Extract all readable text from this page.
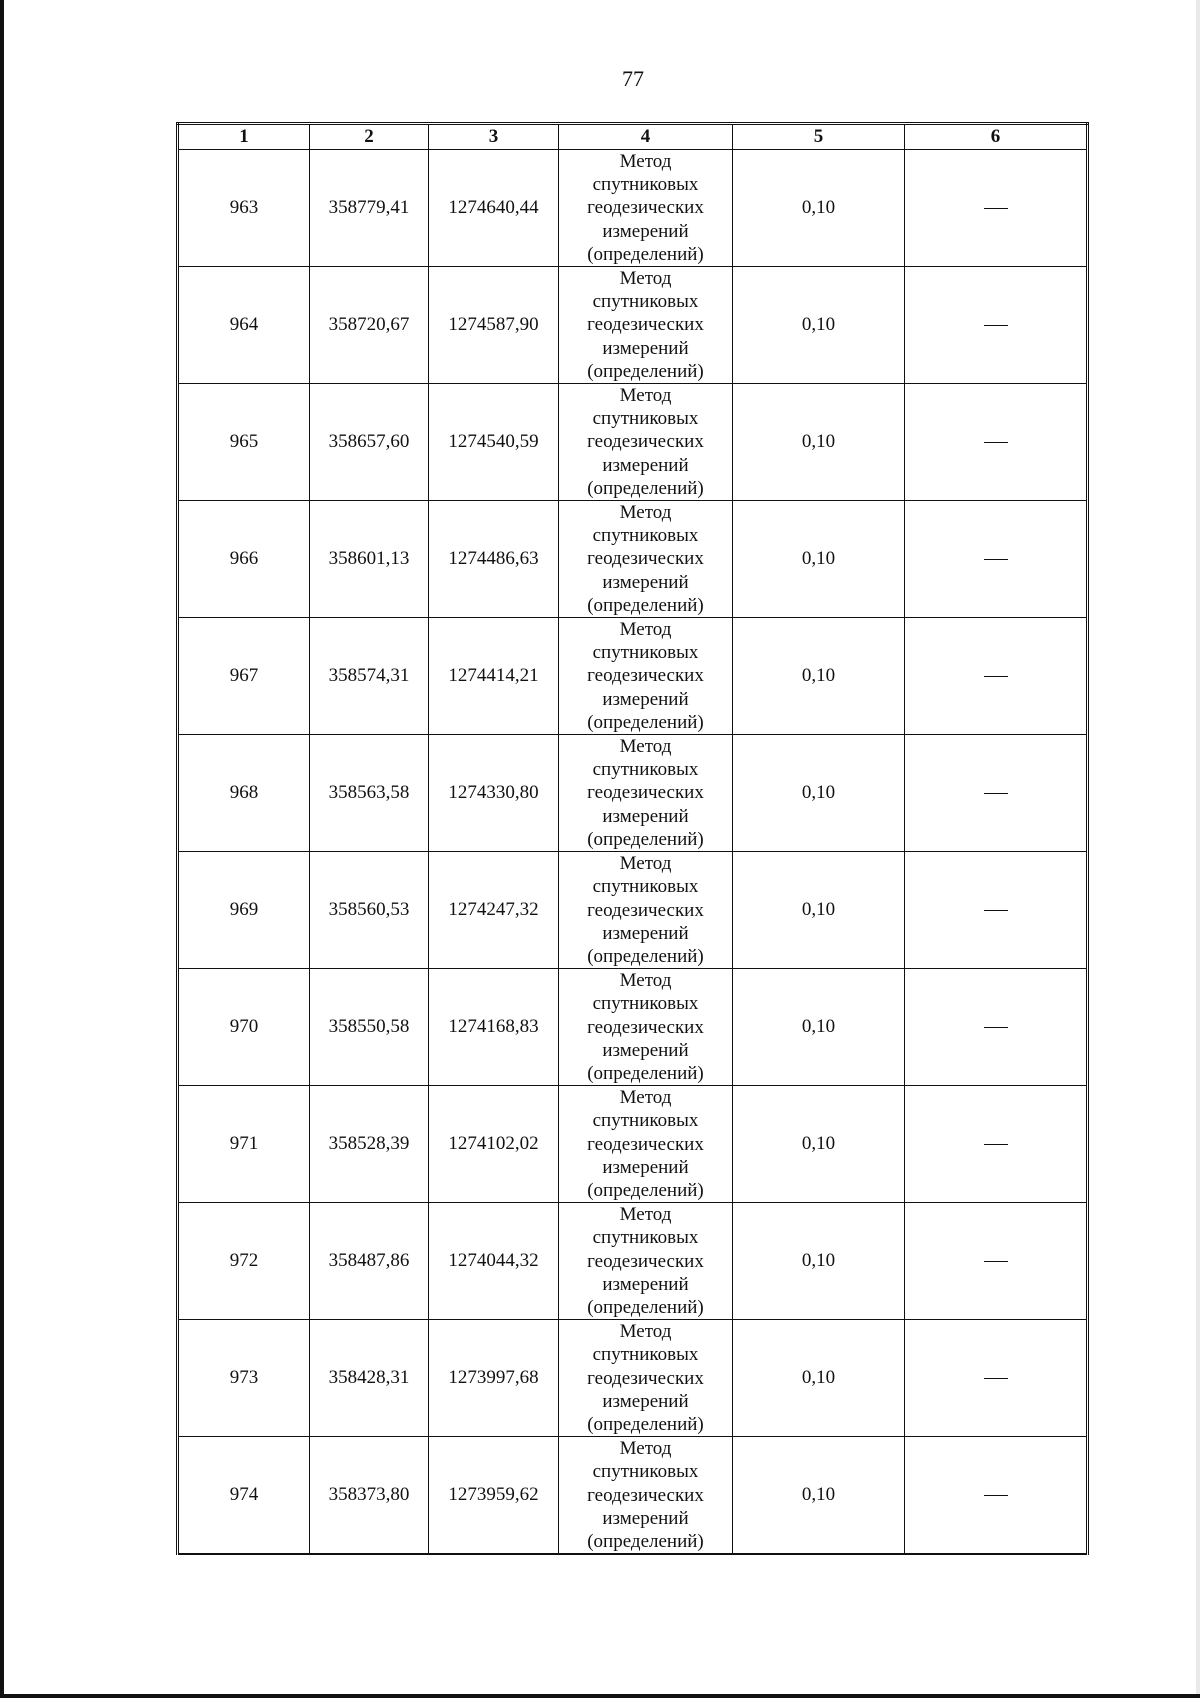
77
1	2	3	4	5	6
963	358779,41	1274640,44	Метод
спутниковых
геодезических
измерений
(определений)	0,10	
964	358720,67	1274587,90	Метод
спутниковых
геодезических
измерений
(определений)	0,10	
965	358657,60	1274540,59	Метод
спутниковых
геодезических
измерений
(определений)	0,10	
966	358601,13	1274486,63	Метод
спутниковых
геодезических
измерений
(определений)	0,10	
967	358574,31	1274414,21	Метод
спутниковых
геодезических
измерений
(определений)	0,10	
968	358563,58	1274330,80	Метод
спутниковых
геодезических
измерений
(определений)	0,10	
969	358560,53	1274247,32	Метод
спутниковых
геодезических
измерений
(определений)	0,10	
970	358550,58	1274168,83	Метод
спутниковых
геодезических
измерений
(определений)	0,10	
971	358528,39	1274102,02	Метод
спутниковых
геодезических
измерений
(определений)	0,10	
972	358487,86	1274044,32	Метод
спутниковых
геодезических
измерений
(определений)	0,10	
973	358428,31	1273997,68	Метод
спутниковых
геодезических
измерений
(определений)	0,10	
974	358373,80	1273959,62	Метод
спутниковых
геодезических
измерений
(определений)	0,10	
